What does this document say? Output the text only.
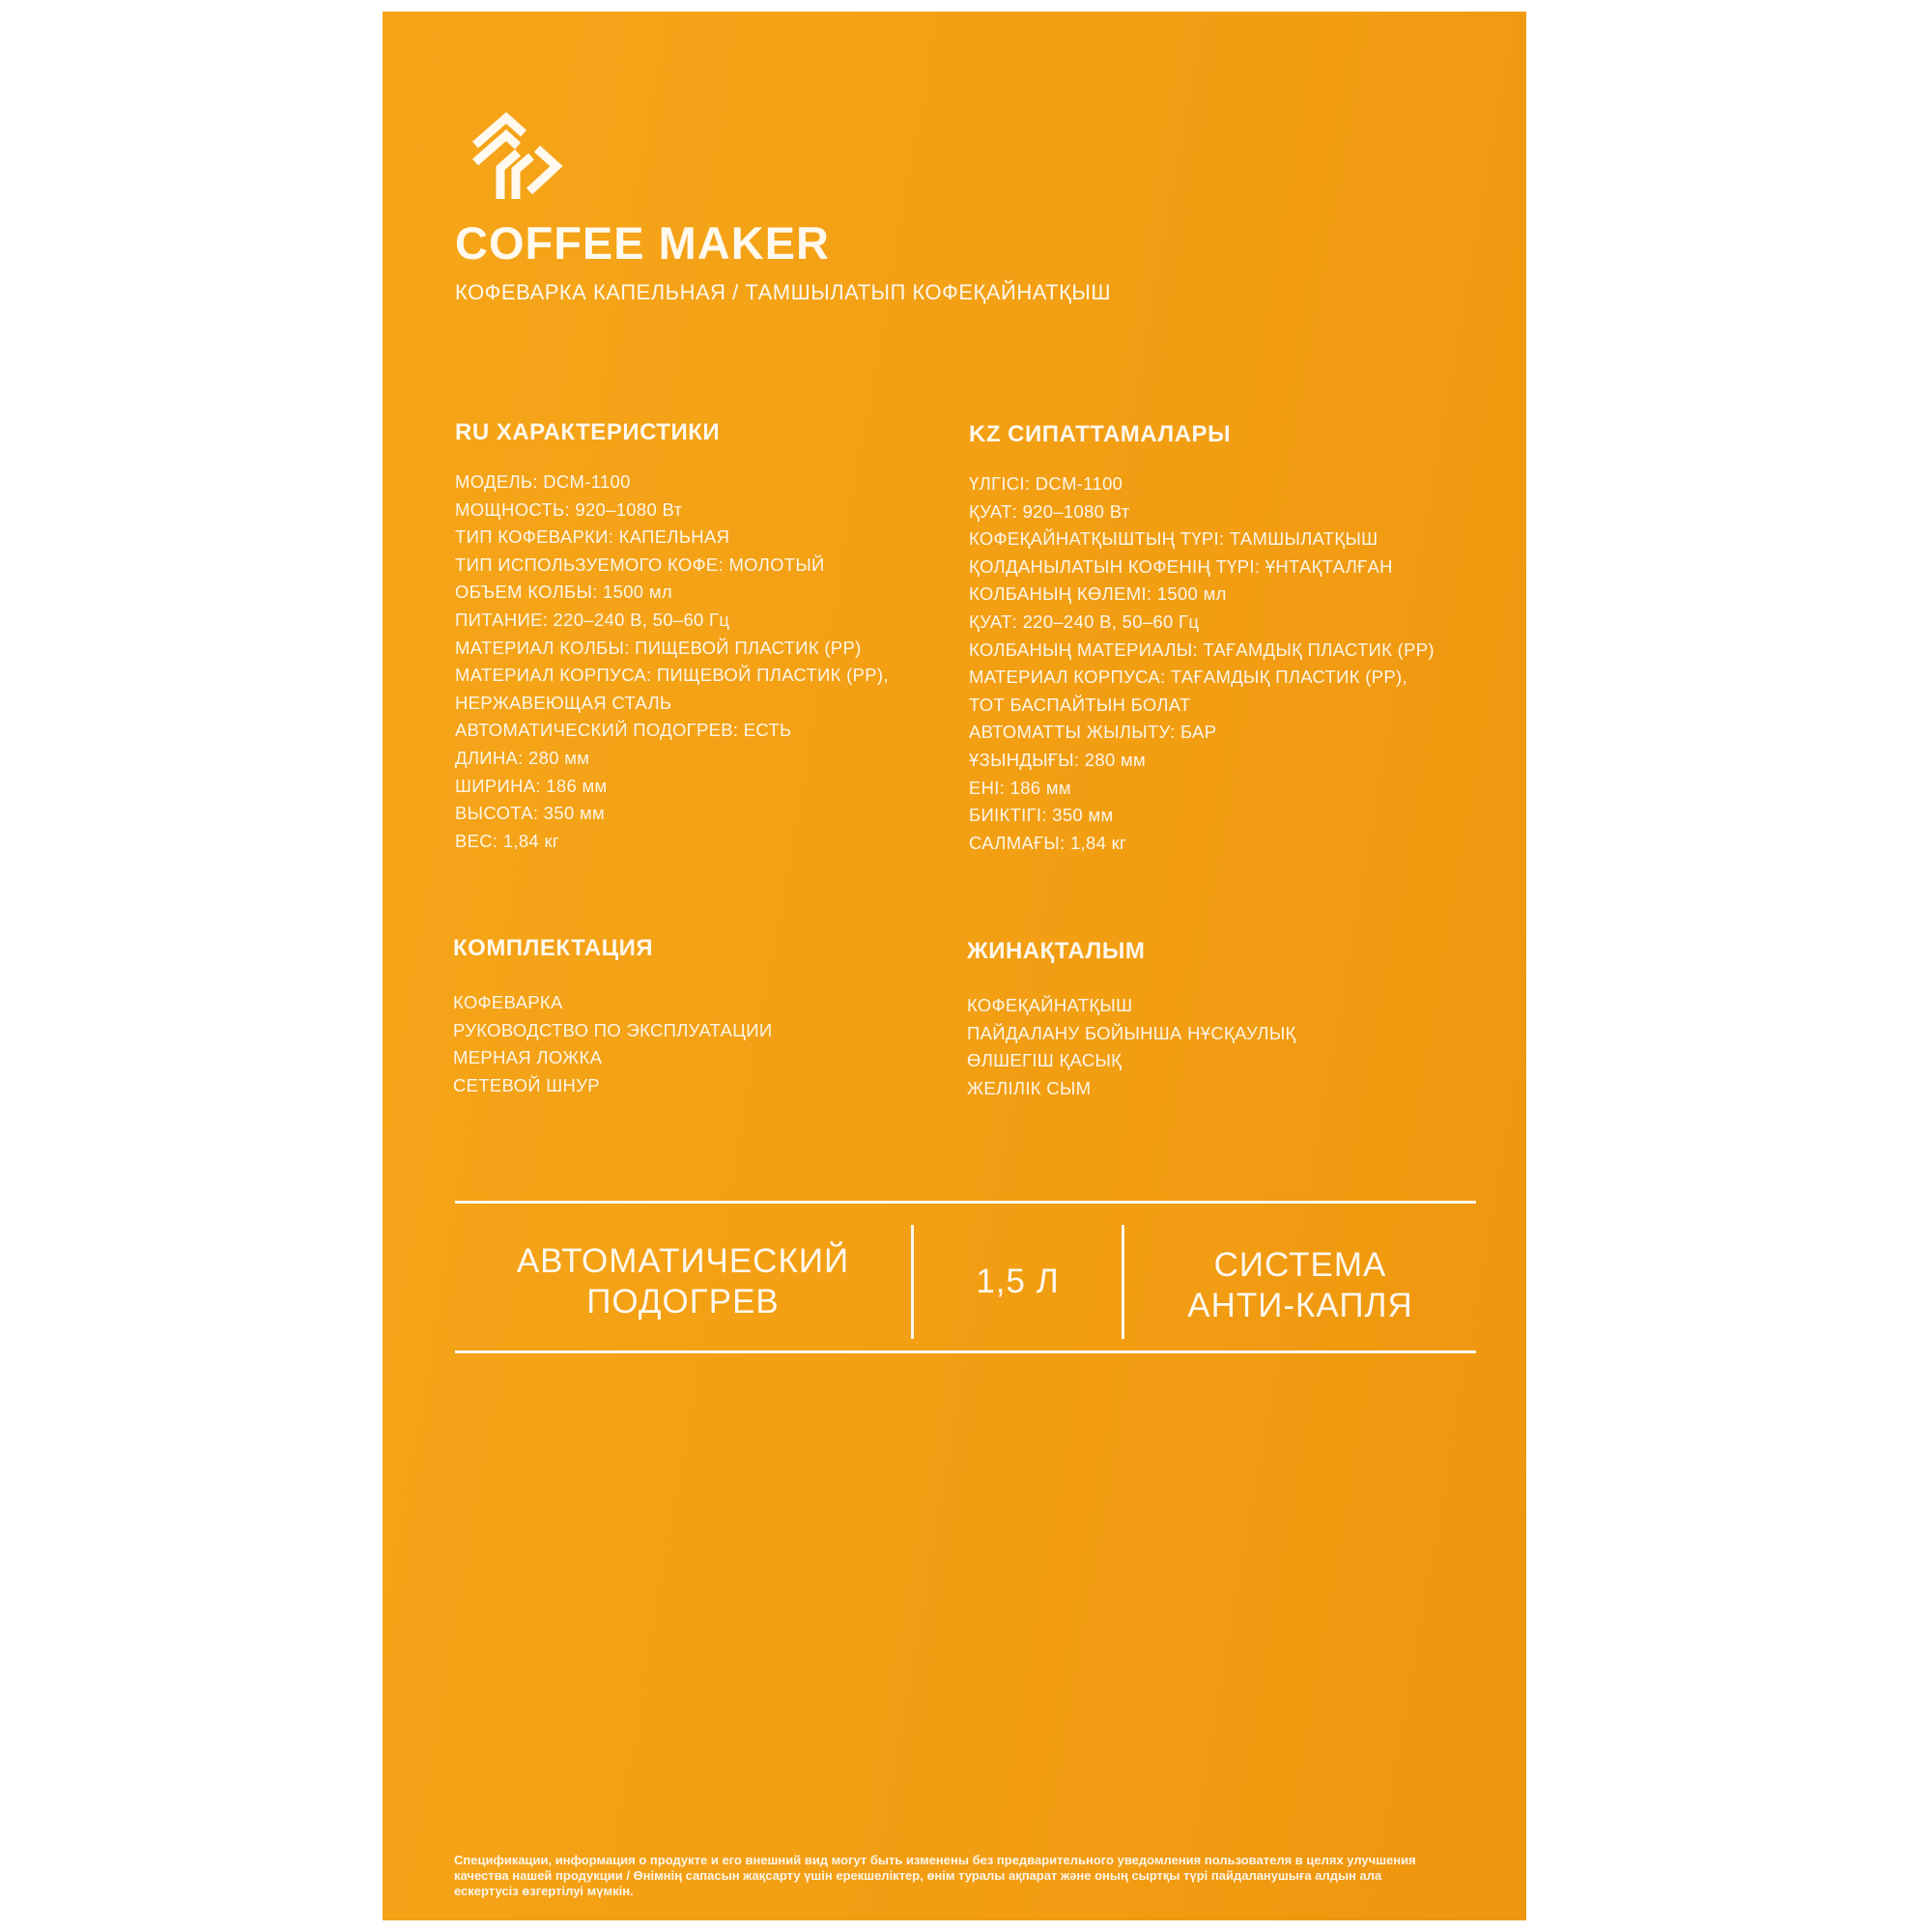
COFFEE MAKER
КОФЕВАРКА КАПЕЛЬНАЯ / ТАМШЫЛАТЫП КОФЕҚАЙНАТҚЫШ
RU ХАРАКТЕРИСТИКИ
МОДЕЛЬ: DCM-1100
МОЩНОСТЬ: 920–1080 Вт
ТИП КОФЕВАРКИ: КАПЕЛЬНАЯ
ТИП ИСПОЛЬЗУЕМОГО КОФЕ: МОЛОТЫЙ
ОБЪЕМ КОЛБЫ: 1500 мл
ПИТАНИЕ: 220–240 В, 50–60 Гц
МАТЕРИАЛ КОЛБЫ: ПИЩЕВОЙ ПЛАСТИК (PP)
МАТЕРИАЛ КОРПУСА: ПИЩЕВОЙ ПЛАСТИК (PP),
НЕРЖАВЕЮЩАЯ СТАЛЬ
АВТОМАТИЧЕСКИЙ ПОДОГРЕВ: ЕСТЬ
ДЛИНА: 280 мм
ШИРИНА: 186 мм
ВЫСОТА: 350 мм
ВЕС: 1,84 кг
KZ СИПАТТАМАЛАРЫ
ҮЛГІСІ: DCM-1100
ҚУАТ: 920–1080 Вт
КОФЕҚАЙНАТҚЫШТЫҢ ТҮРІ: ТАМШЫЛАТҚЫШ
ҚОЛДАНЫЛАТЫН КОФЕНІҢ ТҮРІ: ҰНТАҚТАЛҒАН
КОЛБАНЫҢ КӨЛЕМІ: 1500 мл
ҚУАТ: 220–240 В, 50–60 Гц
КОЛБАНЫҢ МАТЕРИАЛЫ: ТАҒАМДЫҚ ПЛАСТИК (PP)
МАТЕРИАЛ КОРПУСА: ТАҒАМДЫҚ ПЛАСТИК (PP),
ТОТ БАСПАЙТЫН БОЛАТ
АВТОМАТТЫ ЖЫЛЫТУ: БАР
ҰЗЫНДЫҒЫ: 280 мм
ЕНІ: 186 мм
БИІКТІГІ: 350 мм
САЛМАҒЫ: 1,84 кг
КОМПЛЕКТАЦИЯ
КОФЕВАРКА
РУКОВОДСТВО ПО ЭКСПЛУАТАЦИИ
МЕРНАЯ ЛОЖКА
СЕТЕВОЙ ШНУР
ЖИНАҚТАЛЫМ
КОФЕҚАЙНАТҚЫШ
ПАЙДАЛАНУ БОЙЫНША НҰСҚАУЛЫҚ
ӨЛШЕГІШ ҚАСЫҚ
ЖЕЛІЛІК СЫМ
АВТОМАТИЧЕСКИЙ
ПОДОГРЕВ
1,5 Л	СИСТЕМА
АНТИ-КАПЛЯ
Спецификации, информация о продукте и его внешний вид могут быть изменены без предварительного уведомления пользователя в целях улучшения качества нашей продукции / Өнімнің сапасын жақсарту үшін ерекшеліктер, өнім туралы ақпарат және оның сыртқы түрі пайдаланушыға алдын ала ескертусіз өзгертілуі мүмкін.
